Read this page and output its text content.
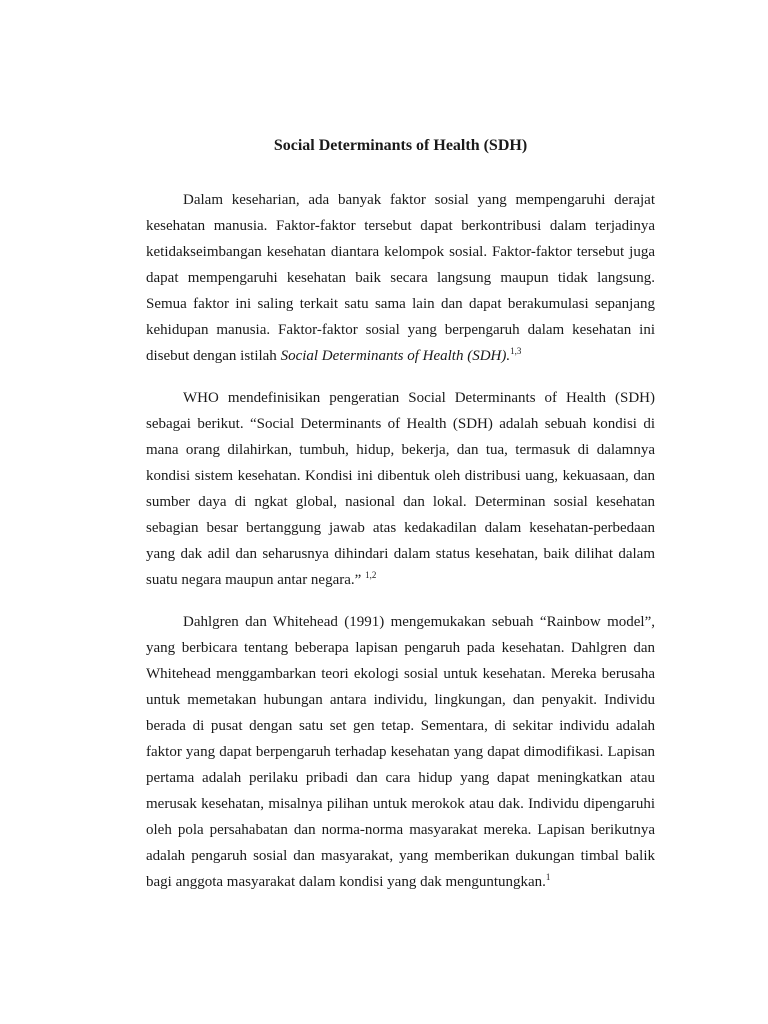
Social Determinants of Health (SDH)

Dalam keseharian, ada banyak faktor sosial yang mempengaruhi derajat kesehatan manusia. Faktor-faktor tersebut dapat berkontribusi dalam terjadinya ketidakseimbangan kesehatan diantara kelompok sosial. Faktor-faktor tersebut juga dapat mempengaruhi kesehatan baik secara langsung maupun tidak langsung. Semua faktor ini saling terkait satu sama lain dan dapat berakumulasi sepanjang kehidupan manusia. Faktor-faktor sosial yang berpengaruh dalam kesehatan ini disebut dengan istilah Social Determinants of Health (SDH).$^{1,3}$

WHO mendefinisikan pengeratian Social Determinants of Health (SDH) sebagai berikut. “Social Determinants of Health (SDH) adalah sebuah kondisi di mana orang dilahirkan, tumbuh, hidup, bekerja, dan tua, termasuk di dalamnya kondisi sistem kesehatan. Kondisi ini dibentuk oleh distribusi uang, kekuasaan, dan sumber daya di ngkat global, nasional dan lokal. Determinan sosial kesehatan sebagian besar bertanggung jawab atas kedakadilan dalam kesehatan-perbedaan yang dak adil dan seharusnya dihindari dalam status kesehatan, baik dilihat dalam suatu negara maupun antar negara.” $^{1,2}$

Dahlgren dan Whitehead (1991) mengemukakan sebuah “Rainbow model”, yang berbicara tentang beberapa lapisan pengaruh pada kesehatan. Dahlgren dan Whitehead menggambarkan teori ekologi sosial untuk kesehatan. Mereka berusaha untuk memetakan hubungan antara individu, lingkungan, dan penyakit. Individu berada di pusat dengan satu set gen tetap. Sementara, di sekitar individu adalah faktor yang dapat berpengaruh terhadap kesehatan yang dapat dimodifikasi. Lapisan pertama adalah perilaku pribadi dan cara hidup yang dapat meningkatkan atau merusak kesehatan, misalnya pilihan untuk merokok atau dak. Individu dipengaruhi oleh pola persahabatan dan norma-norma masyarakat mereka. Lapisan berikutnya adalah pengaruh sosial dan masyarakat, yang memberikan dukungan timbal balik bagi anggota masyarakat dalam kondisi yang dak menguntungkan.$^1$
